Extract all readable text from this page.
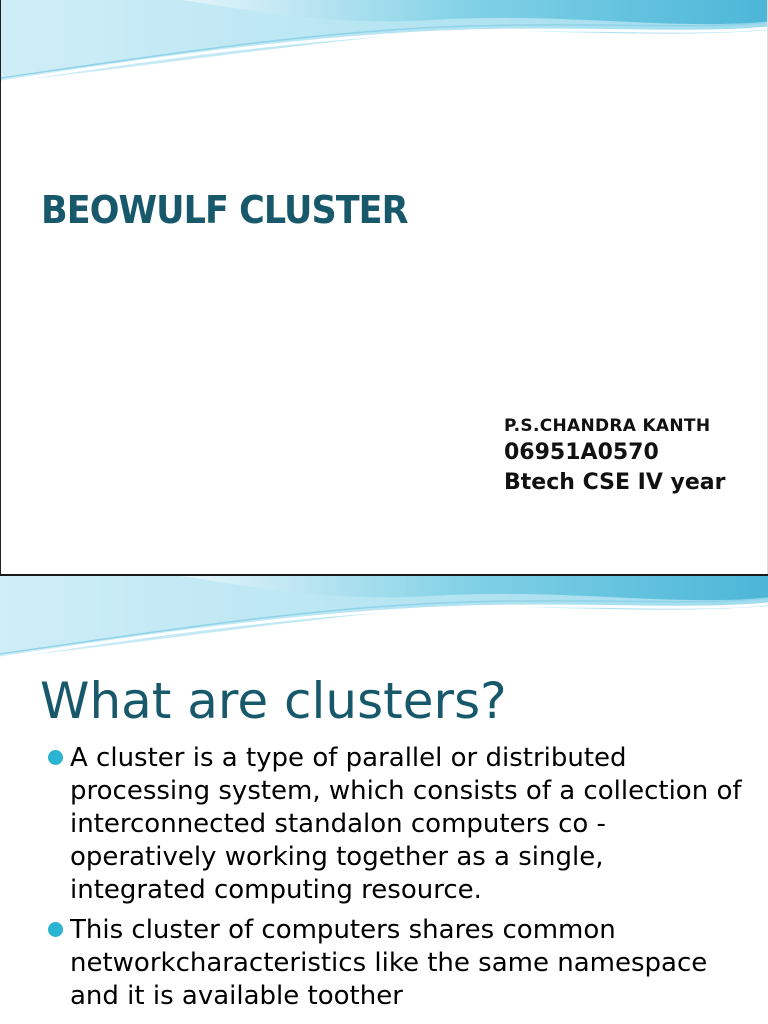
BEOWULF CLUSTER
P.S.CHANDRA KANTH
06951A0570
Btech CSE IV year
What are clusters?
A cluster is a type of parallel or distributed processing system, which consists of a collection of interconnected standalon computers co - operatively working together as a single, integrated computing resource.
This cluster of computers shares common networkcharacteristics like the same namespace and it is available toother
